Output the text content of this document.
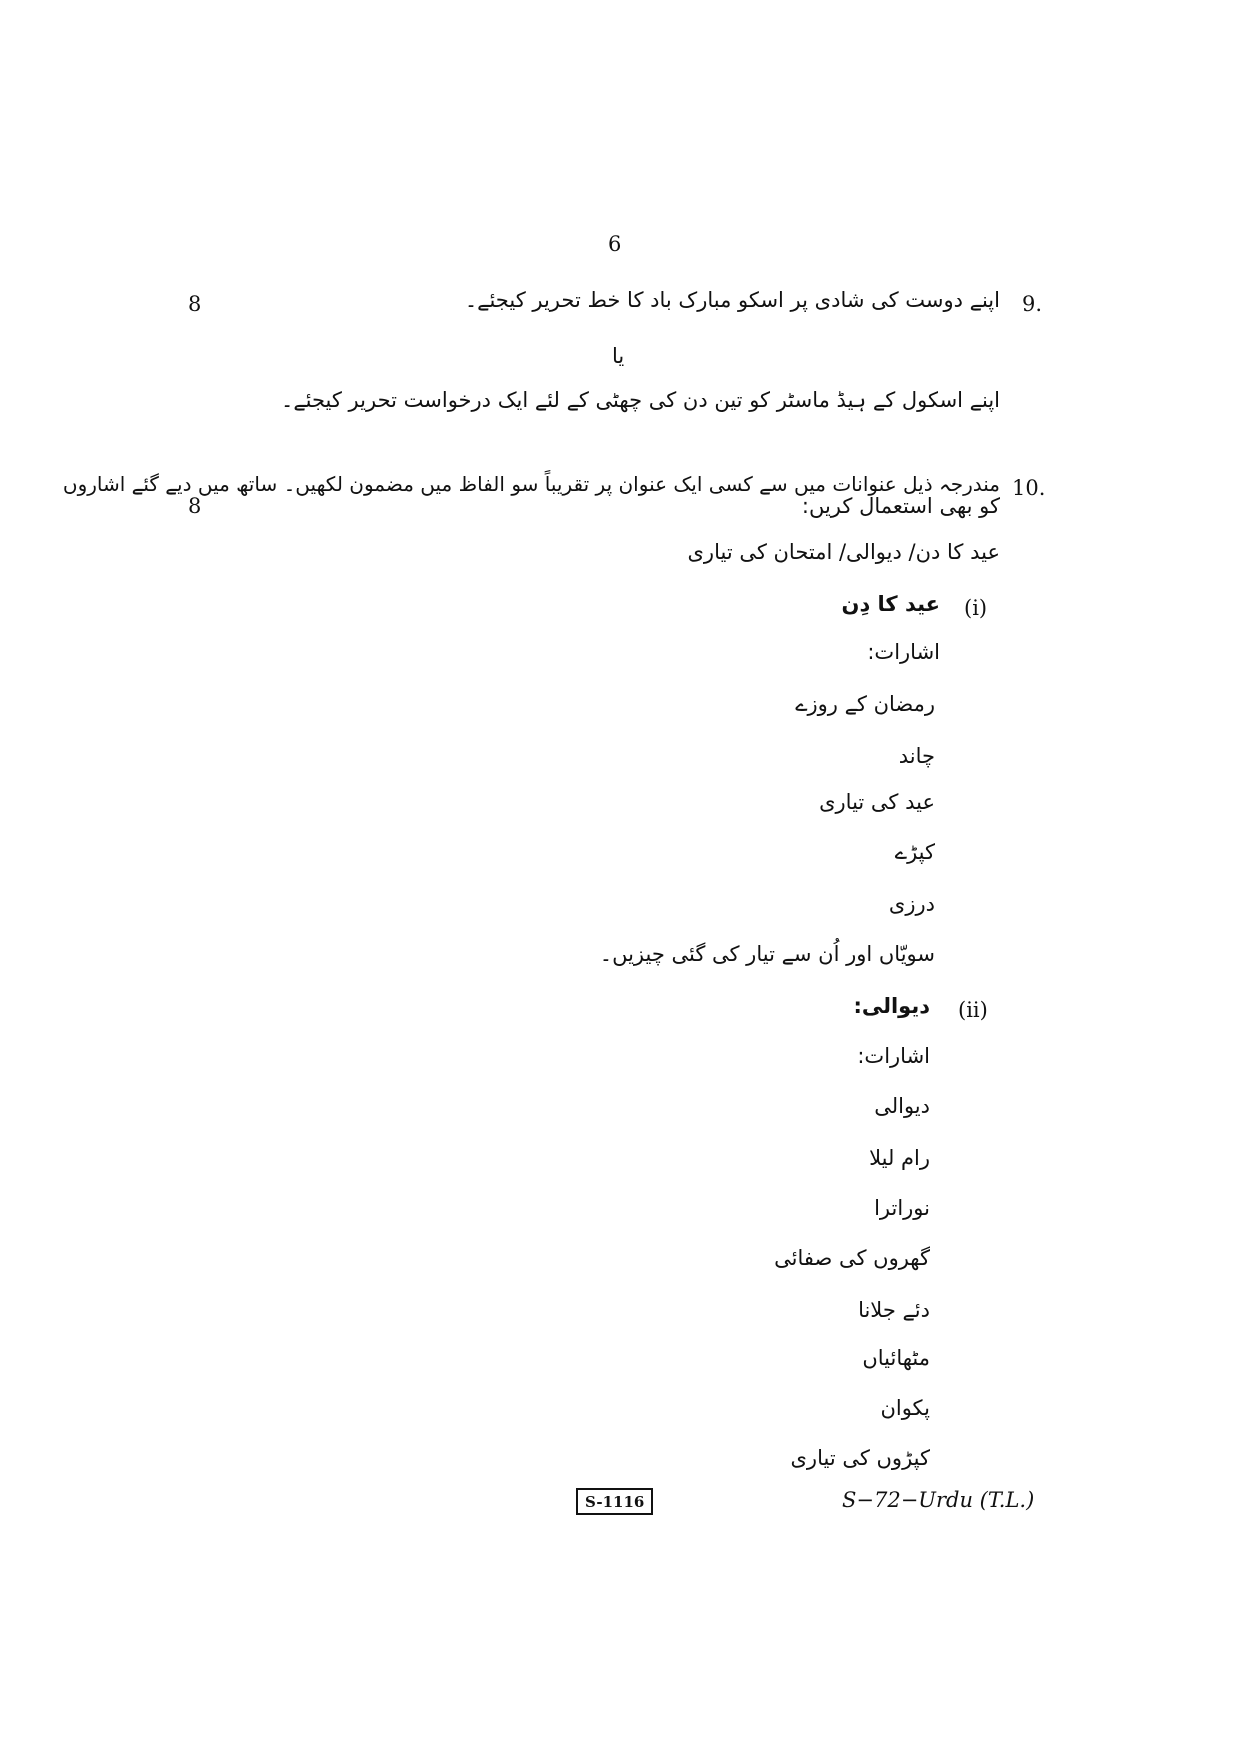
6
9.
اپنے دوست کی شادی پر اسکو مبارک باد کا خط تحریر کیجئے۔
8
یا
اپنے اسکول کے ہیڈ ماسٹر کو تین دن کی چھٹی کے لئے ایک درخواست تحریر کیجئے۔
10.
مندرجہ ذیل عنوانات میں سے کسی ایک عنوان پر تقریباً سو الفاظ میں مضمون لکھیں۔ ساتھ میں دیے گئے اشاروں
کو بھی استعمال کریں:
8
عید کا دن/ دیوالی/ امتحان کی تیاری
(i)
عید کا دِن
اشارات:
رمضان کے روزے
چاند
عید کی تیاری
کپڑے
درزی
سویّاں اور اُن سے تیار کی گئی چیزیں۔
(ii)
دیوالی:
اشارات:
دیوالی
رام لیلا
نوراترا
گھروں کی صفائی
دئے جلانا
مٹھائیاں
پکوان
کپڑوں کی تیاری
S-1116	S−72−Urdu (T.L.)
